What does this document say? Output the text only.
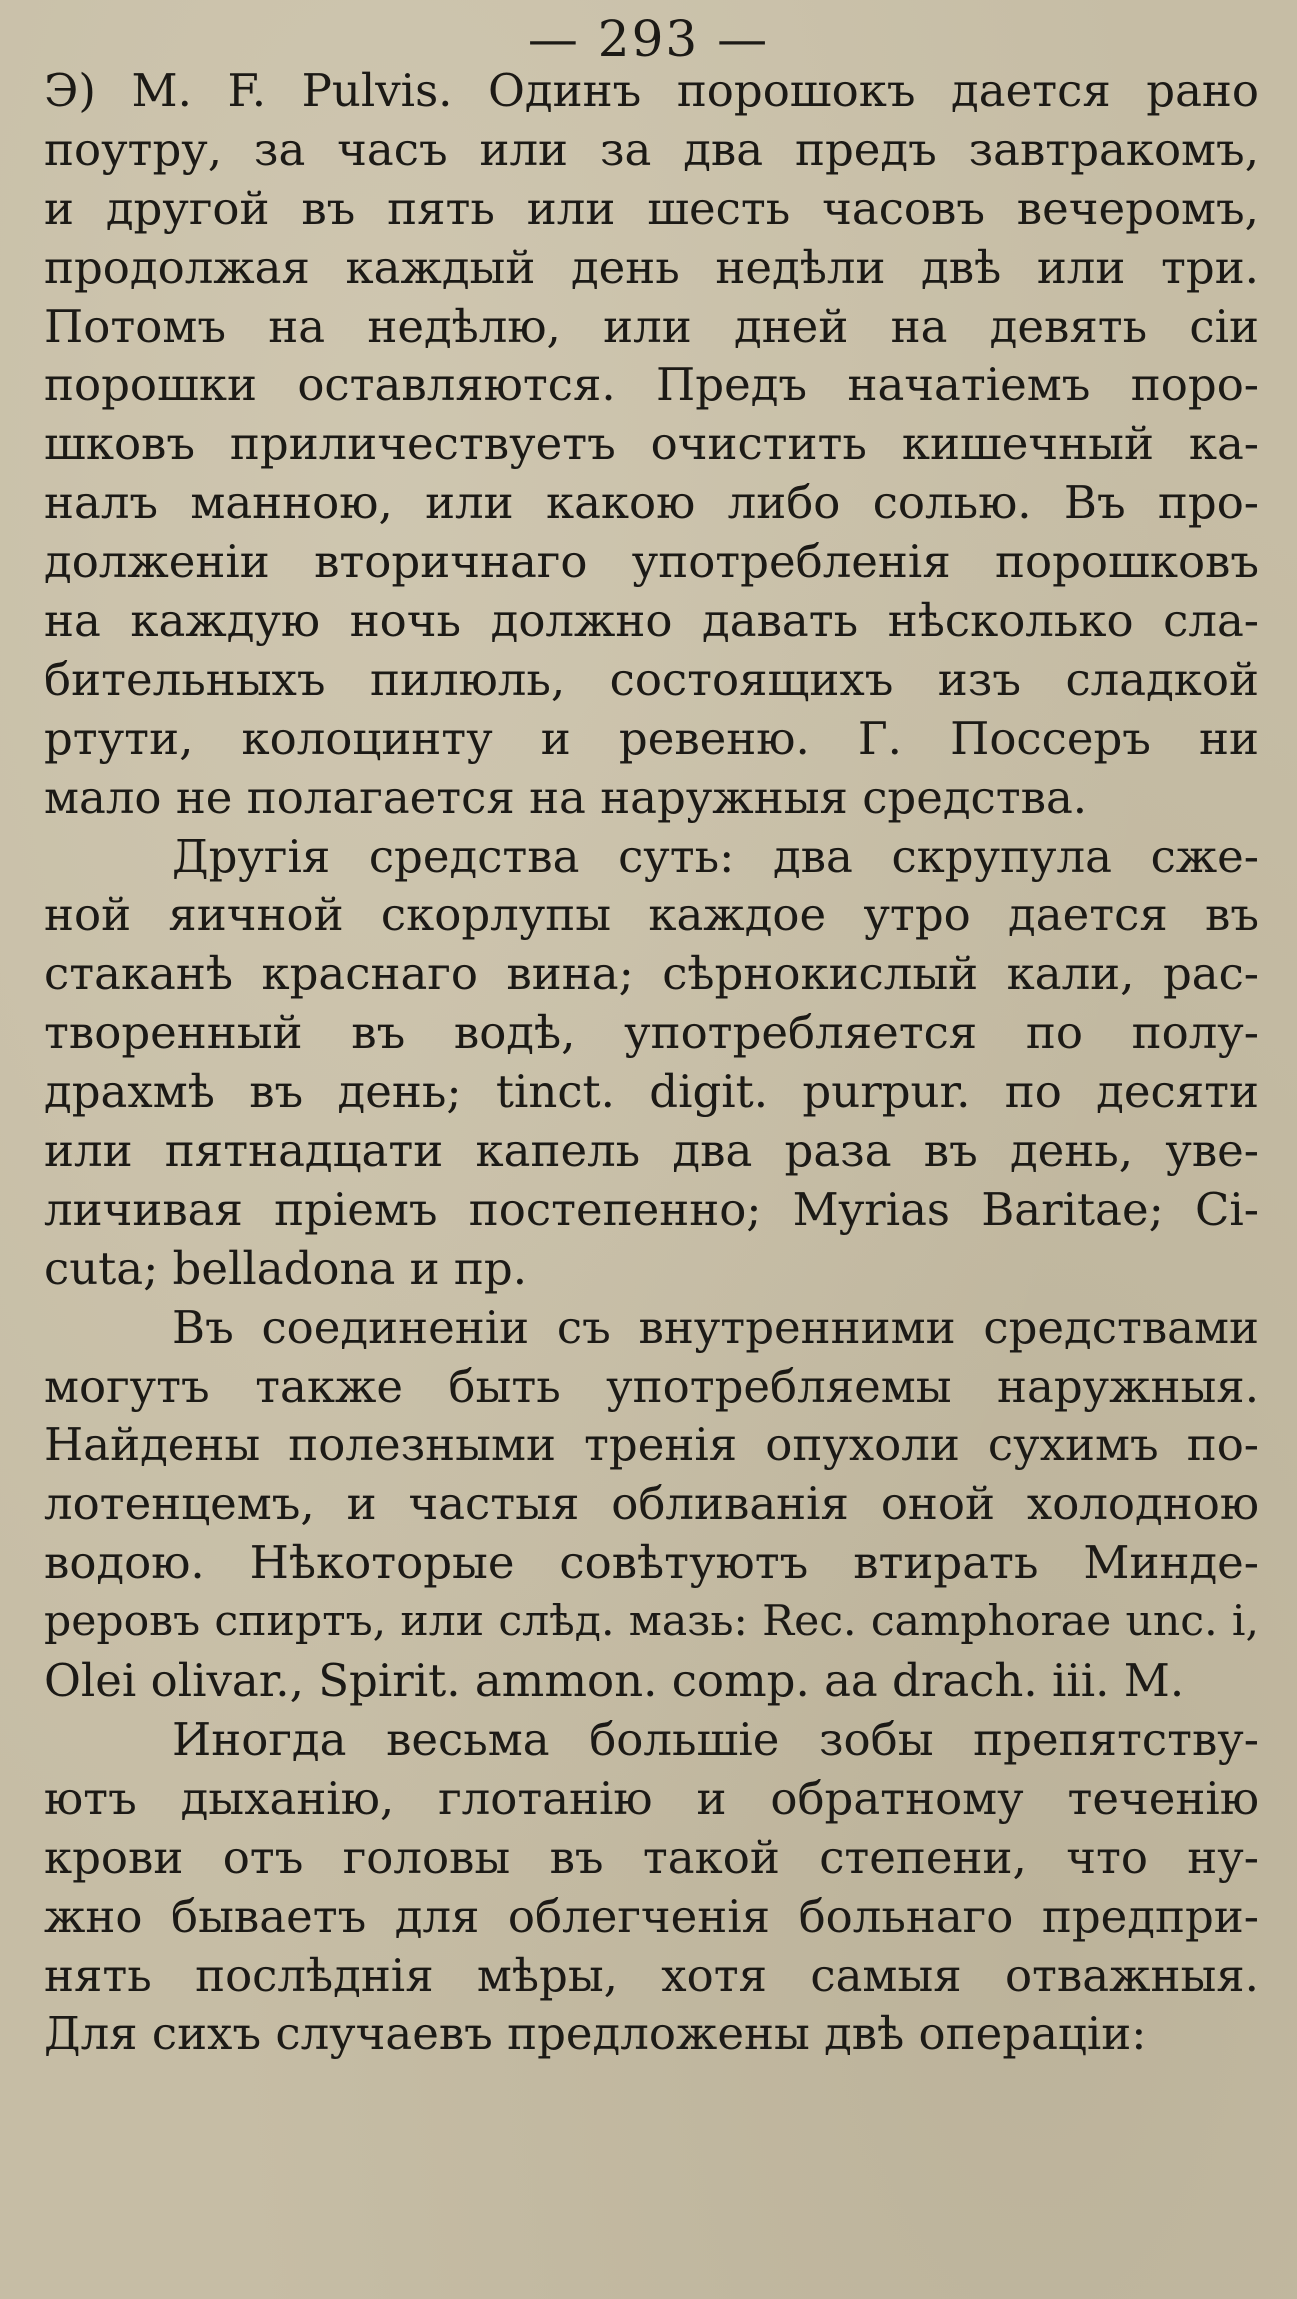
— 293 —
Э) M. F. Pulvis. Одинъ порошокъ дается рано
поутру, за часъ или за два предъ завтракомъ,
и другой въ пять или шесть часовъ вечеромъ,
продолжая каждый день недѣли двѣ или три.
Потомъ на недѣлю, или дней на девять сіи
порошки оставляются. Предъ начатіемъ поро-
шковъ приличествуетъ очистить кишечный ка-
налъ манною, или какою либо солью. Въ про-
долженіи вторичнаго употребленія порошковъ
на каждую ночь должно давать нѣсколько сла-
бительныхъ пилюль, состоящихъ изъ сладкой
ртути, колоцинту и ревеню. Г. Поссеръ ни
мало не полагается на наружныя средства.
Другія средства суть: два скрупула сже-
ной яичной скорлупы каждое утро дается въ
стаканѣ краснаго вина; сѣрнокислый кали, рас-
творенный въ водѣ, употребляется по полу-
драхмѣ въ день; tinct. digit. purpur. по десяти
или пятнадцати капель два раза въ день, уве-
личивая пріемъ постепенно; Myrias Baritae; Ci-
cuta; belladona и пр.
Въ соединеніи съ внутренними средствами
могутъ также быть употребляемы наружныя.
Найдены полезными тренія опухоли сухимъ по-
лотенцемъ, и частыя обливанія оной холодною
водою. Нѣкоторые совѣтуютъ втирать Минде-
реровъ спиртъ, или слѣд. мазь: Rec. camphorae unc. i,
Olei olivar., Spirit. ammon. comp. aa drach. iii. M.
Иногда весьма большіе зобы препятству-
ютъ дыханію, глотанію и обратному теченію
крови отъ головы въ такой степени, что ну-
жно бываетъ для облегченія больнаго предпри-
нять послѣднія мѣры, хотя самыя отважныя.
Для сихъ случаевъ предложены двѣ операціи:
